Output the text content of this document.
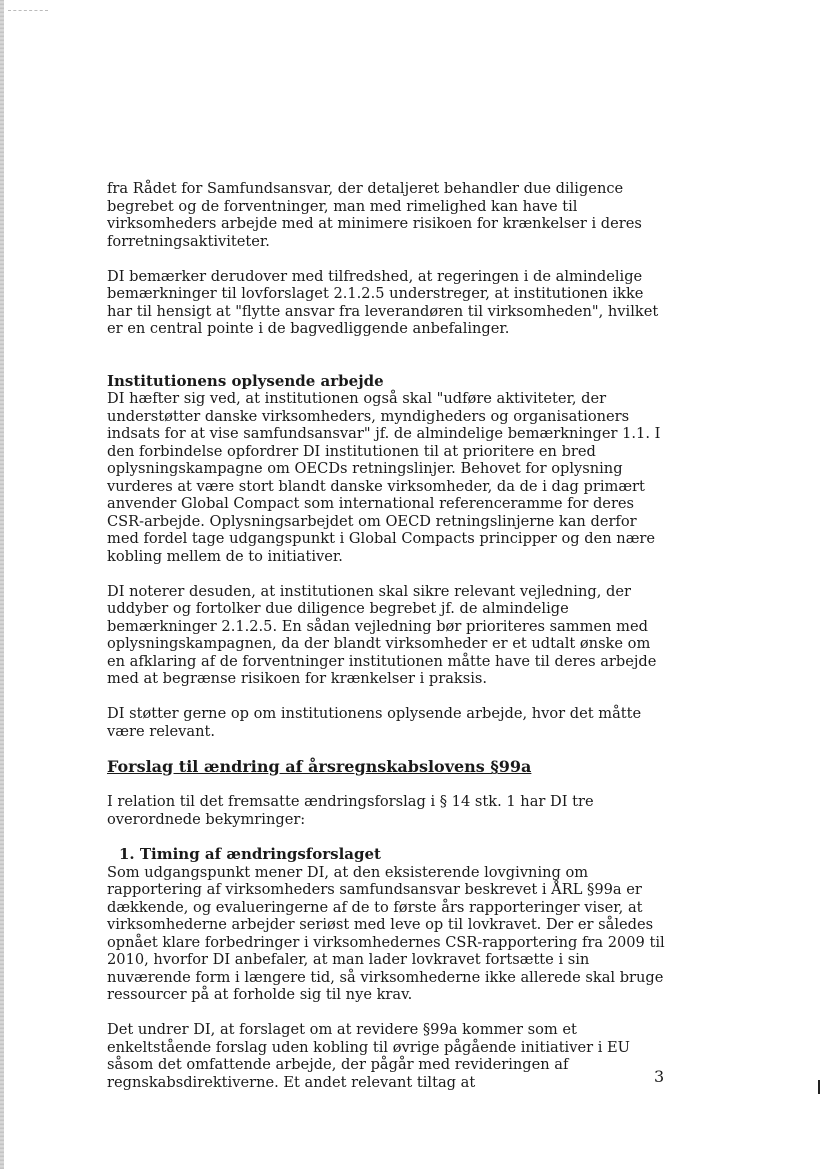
fra Rådet for Samfundsansvar, der detaljeret behandler due diligence begrebet og de forventninger, man med rimelighed kan have til virksomheders arbejde med at minimere risikoen for krænkelser i deres forretningsaktiviteter.

DI bemærker derudover med tilfredshed, at regeringen i de almindelige bemærkninger til lovforslaget 2.1.2.5 understreger, at institutionen ikke har til hensigt at "flytte ansvar fra leverandøren til virksomheden", hvilket er en central pointe i de bagvedliggende anbefalinger.

Institutionens oplysende arbejde

DI hæfter sig ved, at institutionen også skal "udføre aktiviteter, der understøtter danske virksomheders, myndigheders og organisationers indsats for at vise samfundsansvar" jf. de almindelige bemærkninger 1.1. I den forbindelse opfordrer DI institutionen til at prioritere en bred oplysningskampagne om OECDs retningslinjer. Behovet for oplysning vurderes at være stort blandt danske virksomheder, da de i dag primært anvender Global Compact som international referenceramme for deres CSR-arbejde. Oplysningsarbejdet om OECD retningslinjerne kan derfor med fordel tage udgangspunkt i Global Compacts principper og den nære kobling mellem de to initiativer.

DI noterer desuden, at institutionen skal sikre relevant vejledning, der uddyber og fortolker due diligence begrebet jf. de almindelige bemærkninger 2.1.2.5. En sådan vejledning bør prioriteres sammen med oplysningskampagnen, da der blandt virksomheder er et udtalt ønske om en afklaring af de forventninger institutionen måtte have til deres arbejde med at begrænse risikoen for krænkelser i praksis.

DI støtter gerne op om institutionens oplysende arbejde, hvor det måtte være relevant.

Forslag til ændring af årsregnskabslovens §99a

I relation til det fremsatte ændringsforslag i § 14 stk. 1 har DI tre overordnede bekymringer:

1. Timing af ændringsforslaget

Som udgangspunkt mener DI, at den eksisterende lovgivning om rapportering af virksomheders samfundsansvar beskrevet i ÅRL §99a er dækkende, og evalueringerne af de to første års rapporteringer viser, at virksomhederne arbejder seriøst med leve op til lovkravet. Der er således opnået klare forbedringer i virksomhedernes CSR-rapportering fra 2009 til 2010, hvorfor DI anbefaler, at man lader lovkravet fortsætte i sin nuværende form i længere tid, så virksomhederne ikke allerede skal bruge ressourcer på at forholde sig til nye krav.

Det undrer DI, at forslaget om at revidere §99a kommer som et enkeltstående forslag uden kobling til øvrige pågående initiativer i EU såsom det omfattende arbejde, der pågår med revideringen af regnskabsdirektiverne. Et andet relevant tiltag at	3
